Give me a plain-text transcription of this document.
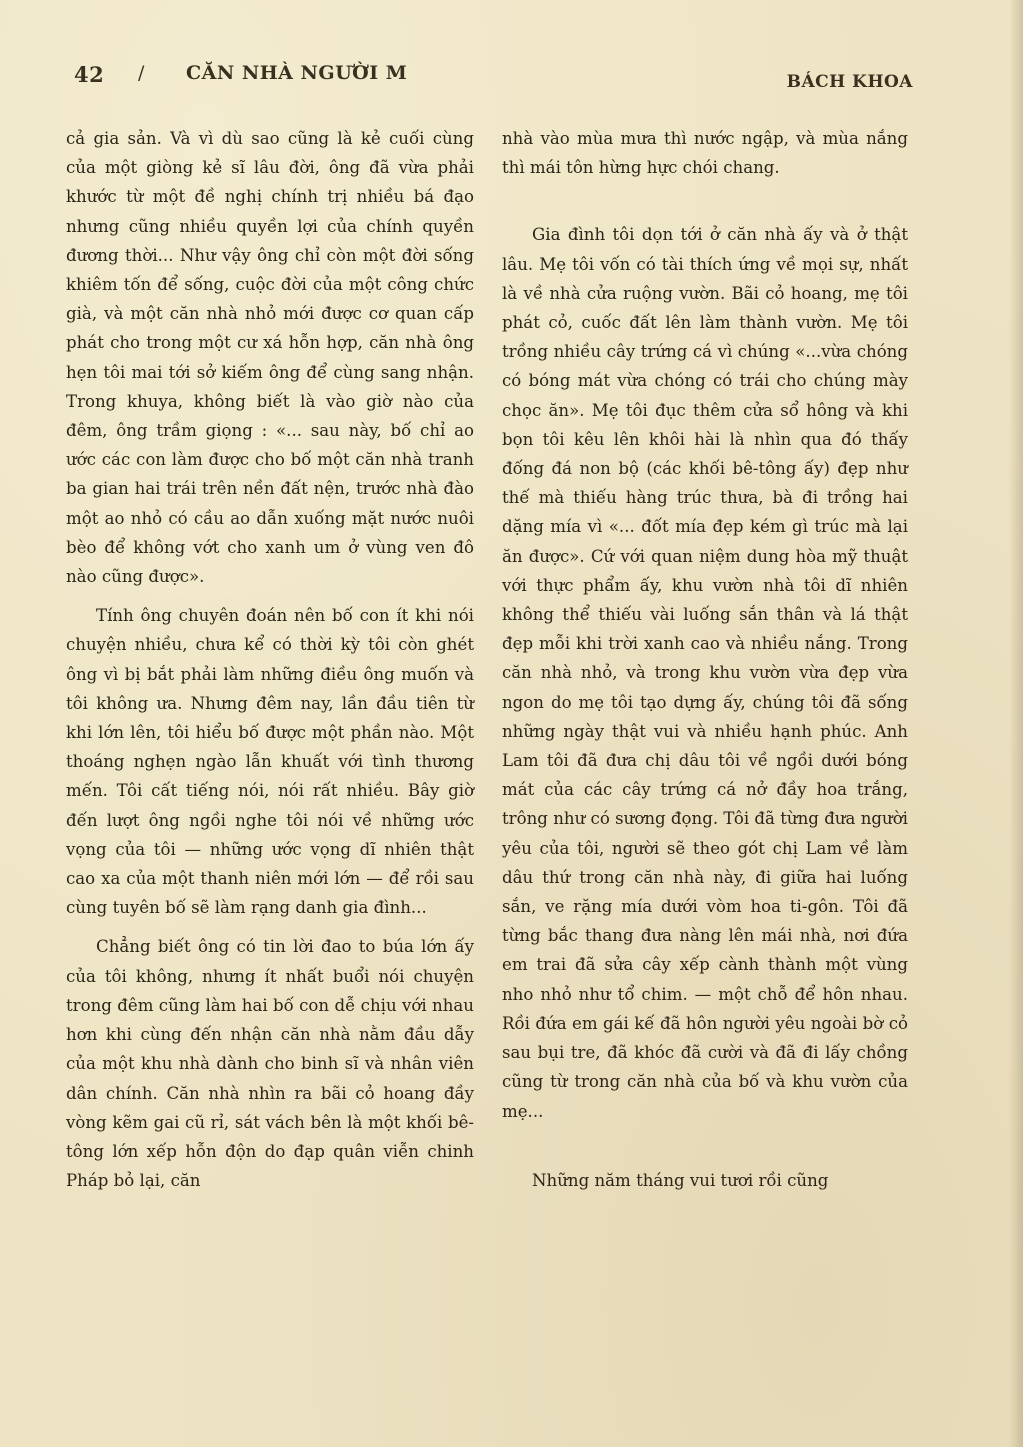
42 / CĂN NHÀ NGƯỜI M	BÁCH KHOA

cả gia sản. Và vì dù sao cũng là kẻ cuối cùng của một giòng kẻ sĩ lâu đời, ông đã vừa phải khước từ một đề nghị chính trị nhiều bá đạo nhưng cũng nhiều quyền lợi của chính quyền đương thời... Như vậy ông chỉ còn một đời sống khiêm tốn để sống, cuộc đời của một công chức già, và một căn nhà nhỏ mới được cơ quan cấp phát cho trong một cư xá hỗn hợp, căn nhà ông hẹn tôi mai tới sở kiếm ông để cùng sang nhận. Trong khuya, không biết là vào giờ nào của đêm, ông trầm giọng : «... sau này, bố chỉ ao ước các con làm được cho bố một căn nhà tranh ba gian hai trái trên nền đất nện, trước nhà đào một ao nhỏ có cầu ao dẫn xuống mặt nước nuôi bèo để không vớt cho xanh um ở vùng ven đô nào cũng được».

Tính ông chuyên đoán nên bố con ít khi nói chuyện nhiều, chưa kể có thời kỳ tôi còn ghét ông vì bị bắt phải làm những điều ông muốn và tôi không ưa. Nhưng đêm nay, lần đầu tiên từ khi lớn lên, tôi hiểu bố được một phần nào. Một thoáng nghẹn ngào lẫn khuất với tình thương mến. Tôi cất tiếng nói, nói rất nhiều. Bây giờ đến lượt ông ngồi nghe tôi nói về những ước vọng của tôi — những ước vọng dĩ nhiên thật cao xa của một thanh niên mới lớn — để rồi sau cùng tuyên bố sẽ làm rạng danh gia đình...

Chẳng biết ông có tin lời đao to búa lớn ấy của tôi không, nhưng ít nhất buổi nói chuyện trong đêm cũng làm hai bố con dễ chịu với nhau hơn khi cùng đến nhận căn nhà nằm đầu dẫy của một khu nhà dành cho binh sĩ và nhân viên dân chính. Căn nhà nhìn ra bãi cỏ hoang đầy vòng kẽm gai cũ rỉ, sát vách bên là một khối bê-tông lớn xếp hỗn độn do đạp quân viễn chinh Pháp bỏ lại, căn

nhà vào mùa mưa thì nước ngập, và mùa nắng thì mái tôn hừng hực chói chang.

Gia đình tôi dọn tới ở căn nhà ấy và ở thật lâu. Mẹ tôi vốn có tài thích ứng về mọi sự, nhất là về nhà cửa ruộng vườn. Bãi cỏ hoang, mẹ tôi phát cỏ, cuốc đất lên làm thành vườn. Mẹ tôi trồng nhiều cây trứng cá vì chúng «...vừa chóng có bóng mát vừa chóng có trái cho chúng mày chọc ăn». Mẹ tôi đục thêm cửa sổ hông và khi bọn tôi kêu lên khôi hài là nhìn qua đó thấy đống đá non bộ (các khối bê-tông ấy) đẹp như thế mà thiếu hàng trúc thưa, bà đi trồng hai dặng mía vì «... đốt mía đẹp kém gì trúc mà lại ăn được». Cứ với quan niệm dung hòa mỹ thuật với thực phẩm ấy, khu vườn nhà tôi dĩ nhiên không thể thiếu vài luống sắn thân và lá thật đẹp mỗi khi trời xanh cao và nhiều nắng. Trong căn nhà nhỏ, và trong khu vườn vừa đẹp vừa ngon do mẹ tôi tạo dựng ấy, chúng tôi đã sống những ngày thật vui và nhiều hạnh phúc. Anh Lam tôi đã đưa chị dâu tôi về ngồi dưới bóng mát của các cây trứng cá nở đầy hoa trắng, trông như có sương đọng. Tôi đã từng đưa người yêu của tôi, người sẽ theo gót chị Lam về làm dâu thứ trong căn nhà này, đi giữa hai luống sắn, ve rặng mía dưới vòm hoa ti-gôn. Tôi đã từng bắc thang đưa nàng lên mái nhà, nơi đứa em trai đã sửa cây xếp cành thành một vùng nho nhỏ như tổ chim. — một chỗ để hôn nhau. Rồi đứa em gái kế đã hôn người yêu ngoài bờ cỏ sau bụi tre, đã khóc đã cười và đã đi lấy chồng cũng từ trong căn nhà của bố và khu vườn của mẹ...

Những năm tháng vui tươi rồi cũng
